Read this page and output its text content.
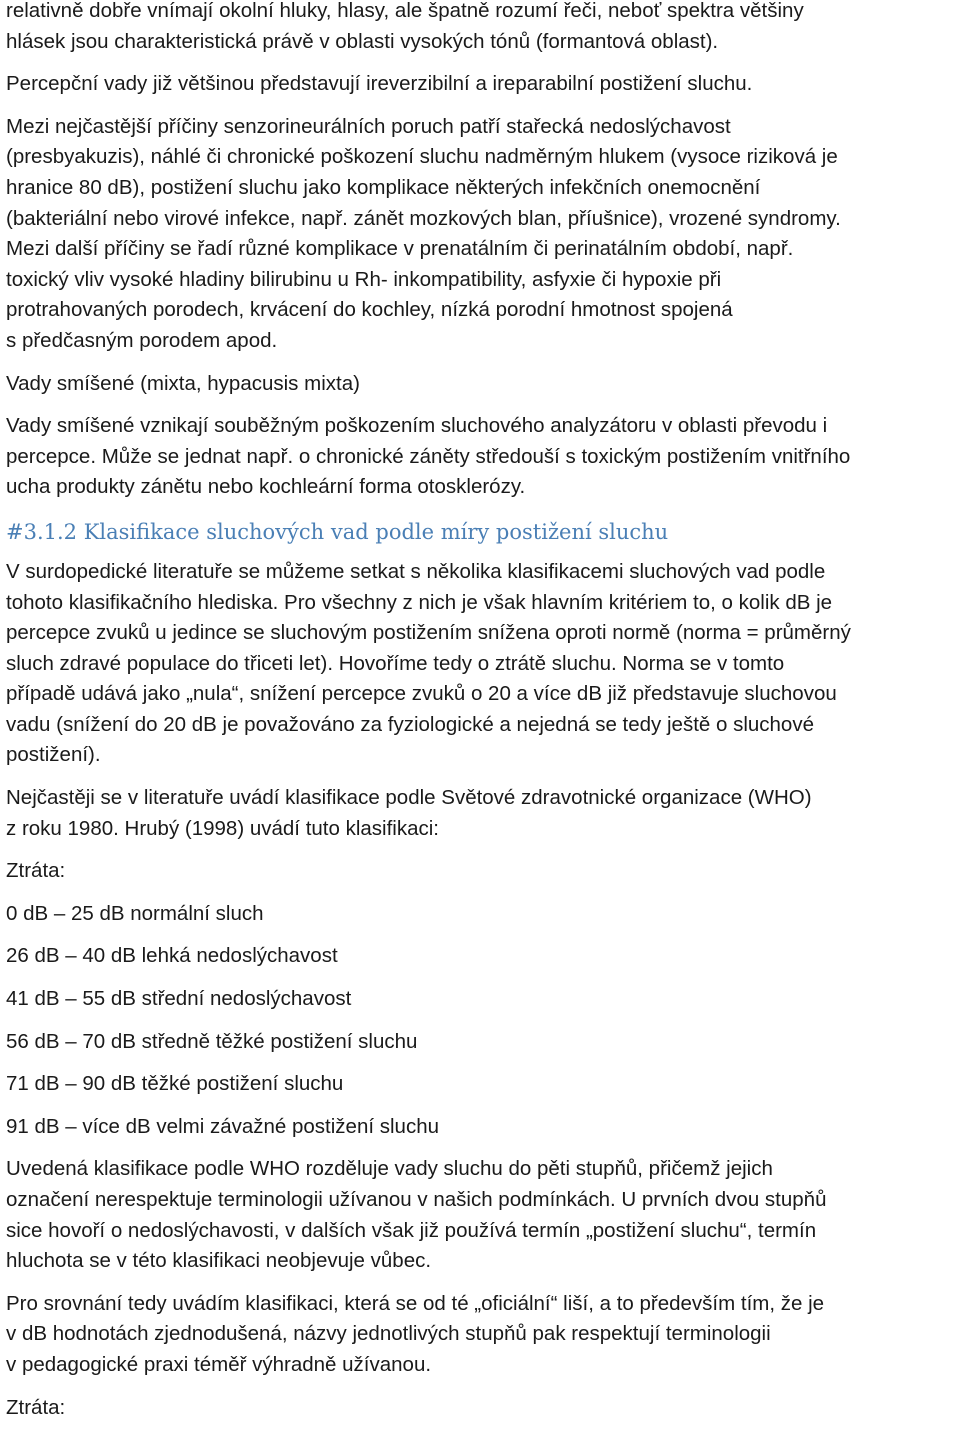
relativně dobře vnímají okolní hluky, hlasy, ale špatně rozumí řeči, neboť spektra většiny
hlásek jsou charakteristická právě v oblasti vysokých tónů (formantová oblast).
Percepční vady již většinou představují ireverzibilní a ireparabilní postižení sluchu.
Mezi nejčastější příčiny senzorineurálních poruch patří stařecká nedoslýchavost
(presbyakuzis), náhlé či chronické poškození sluchu nadměrným hlukem (vysoce riziková je
hranice 80 dB), postižení sluchu jako komplikace některých infekčních onemocnění
(bakteriální nebo virové infekce, např. zánět mozkových blan, příušnice), vrozené syndromy.
Mezi další příčiny se řadí různé komplikace v prenatálním či perinatálním období, např.
toxický vliv vysoké hladiny bilirubinu u Rh- inkompatibility, asfyxie či hypoxie při
protrahovaných porodech, krvácení do kochley, nízká porodní hmotnost spojená
s předčasným porodem apod.
Vady smíšené (mixta, hypacusis mixta)
Vady smíšené vznikají souběžným poškozením sluchového analyzátoru v oblasti převodu i
percepce. Může se jednat např. o chronické záněty středouší s toxickým postižením vnitřního
ucha produkty zánětu nebo kochleární forma otosklerózy.
#3.1.2 Klasifikace sluchových vad podle míry postižení sluchu
V surdopedické literatuře se můžeme setkat s několika klasifikacemi sluchových vad podle
tohoto klasifikačního hlediska. Pro všechny z nich je však hlavním kritériem to, o kolik dB je
percepce zvuků u jedince se sluchovým postižením snížena oproti normě (norma = průměrný
sluch zdravé populace do třiceti let). Hovoříme tedy o ztrátě sluchu. Norma se v tomto
případě udává jako „nula“, snížení percepce zvuků o 20 a více dB již představuje sluchovou
vadu (snížení do 20 dB je považováno za fyziologické a nejedná se tedy ještě o sluchové
postižení).
Nejčastěji se v literatuře uvádí klasifikace podle Světové zdravotnické organizace (WHO)
z roku 1980. Hrubý (1998) uvádí tuto klasifikaci:
Ztráta:
0 dB – 25 dB normální sluch
26 dB – 40 dB lehká nedoslýchavost
41 dB – 55 dB střední nedoslýchavost
56 dB – 70 dB středně těžké postižení sluchu
71 dB – 90 dB těžké postižení sluchu
91 dB – více dB velmi závažné postižení sluchu
Uvedená klasifikace podle WHO rozděluje vady sluchu do pěti stupňů, přičemž jejich
označení nerespektuje terminologii užívanou v našich podmínkách. U prvních dvou stupňů
sice hovoří o nedoslýchavosti, v dalších však již používá termín „postižení sluchu“, termín
hluchota se v této klasifikaci neobjevuje vůbec.
Pro srovnání tedy uvádím klasifikaci, která se od té „oficiální“ liší, a to především tím, že je
v dB hodnotách zjednodušená, názvy jednotlivých stupňů pak respektují terminologii
v pedagogické praxi téměř výhradně užívanou.
Ztráta:
